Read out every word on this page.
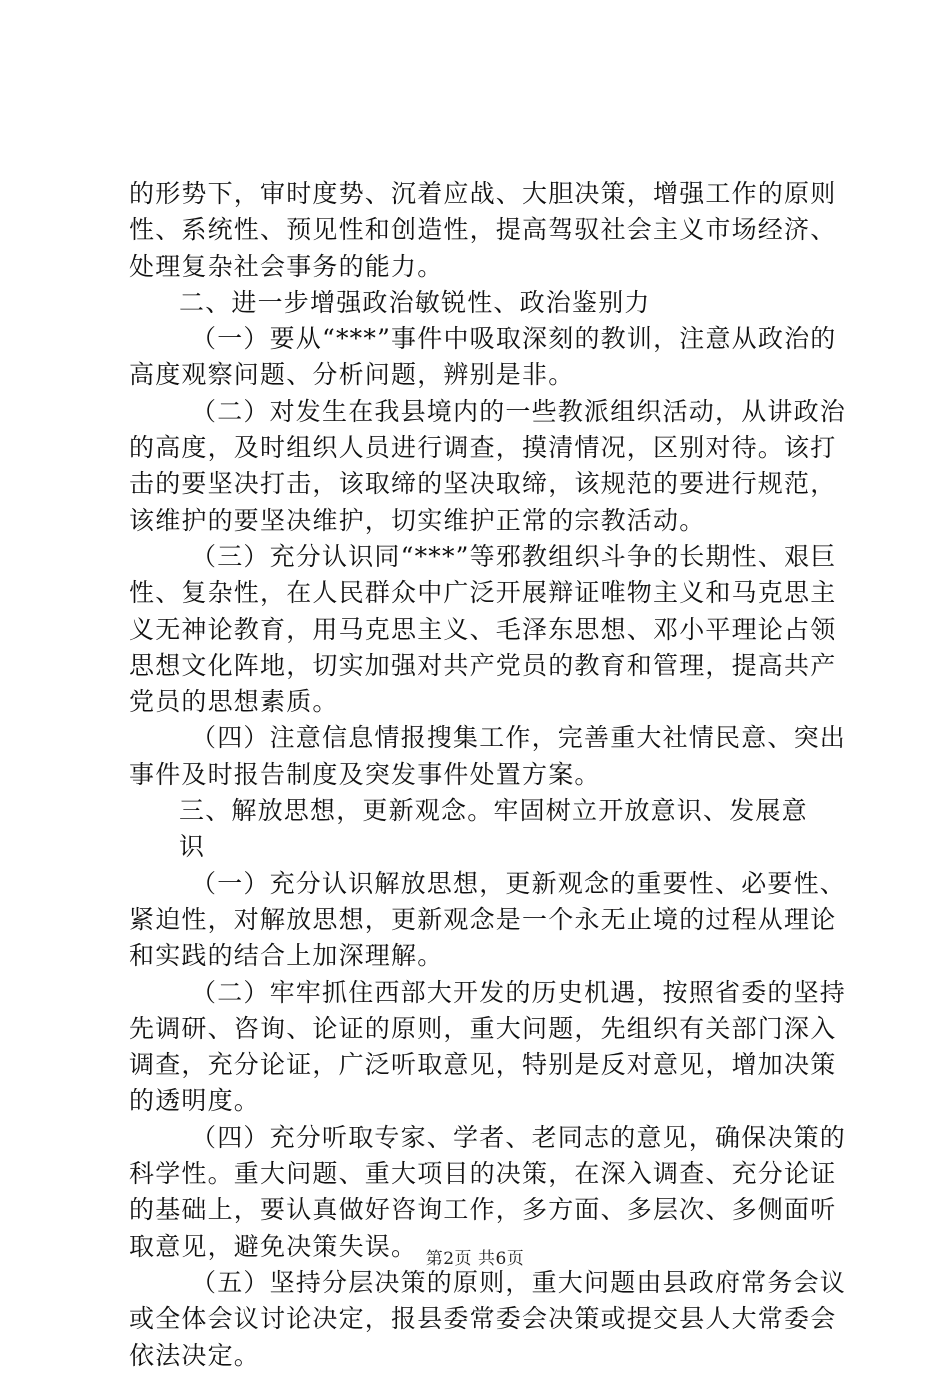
的形势下，审时度势、沉着应战、大胆决策，增强工作的原则
性、系统性、预见性和创造性，提高驾驭社会主义市场经济、
处理复杂社会事务的能力。
二、进一步增强政治敏锐性、政治鉴别力
（一）要从“***”事件中吸取深刻的教训，注意从政治的
高度观察问题、分析问题，辨别是非。
（二）对发生在我县境内的一些教派组织活动，从讲政治
的高度，及时组织人员进行调查，摸清情况，区别对待。该打
击的要坚决打击，该取缔的坚决取缔，该规范的要进行规范，
该维护的要坚决维护，切实维护正常的宗教活动。
（三）充分认识同“***”等邪教组织斗争的长期性、艰巨
性、复杂性，在人民群众中广泛开展辩证唯物主义和马克思主
义无神论教育，用马克思主义、毛泽东思想、邓小平理论占领
思想文化阵地，切实加强对共产党员的教育和管理，提高共产
党员的思想素质。
（四）注意信息情报搜集工作，完善重大社情民意、突出
事件及时报告制度及突发事件处置方案。
三、解放思想，更新观念。牢固树立开放意识、发展意
识
（一）充分认识解放思想，更新观念的重要性、必要性、
紧迫性，对解放思想，更新观念是一个永无止境的过程从理论
和实践的结合上加深理解。
（二）牢牢抓住西部大开发的历史机遇，按照省委的坚持
先调研、咨询、论证的原则，重大问题，先组织有关部门深入
调查，充分论证，广泛听取意见，特别是反对意见，增加决策
的透明度。
（四）充分听取专家、学者、老同志的意见，确保决策的
科学性。重大问题、重大项目的决策，在深入调查、充分论证
的基础上，要认真做好咨询工作，多方面、多层次、多侧面听
取意见，避免决策失误。
（五）坚持分层决策的原则，重大问题由县政府常务会议
或全体会议讨论决定，报县委常委会决策或提交县人大常委会
依法决定。
第2页 共6页
